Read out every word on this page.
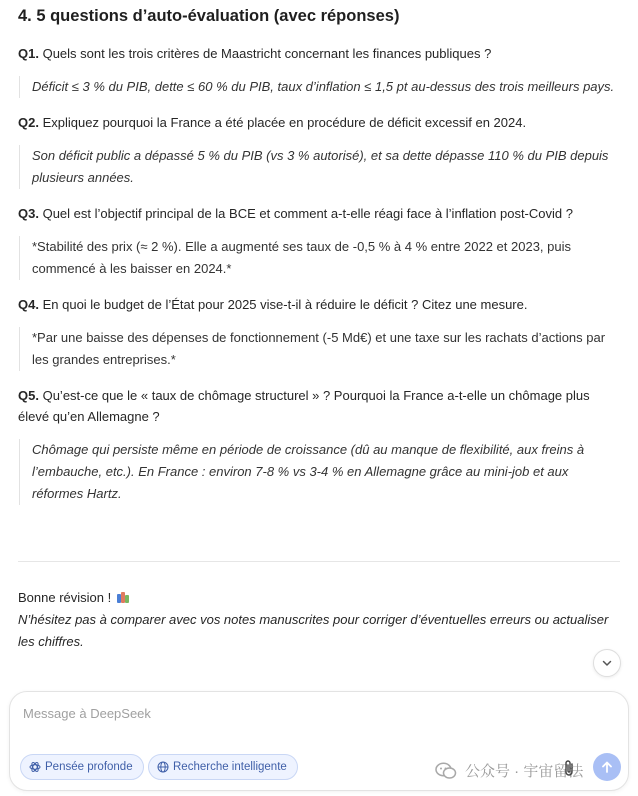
4. 5 questions d’auto-évaluation (avec réponses)

Q1. Quels sont les trois critères de Maastricht concernant les finances publiques ?

Déficit ≤ 3 % du PIB, dette ≤ 60 % du PIB, taux d’inflation ≤ 1,5 pt au-dessus des trois meilleurs pays.

Q2. Expliquez pourquoi la France a été placée en procédure de déficit excessif en 2024.

Son déficit public a dépassé 5 % du PIB (vs 3 % autorisé), et sa dette dépasse 110 % du PIB depuis plusieurs années.

Q3. Quel est l’objectif principal de la BCE et comment a-t-elle réagi face à l’inflation post-Covid ?

*Stabilité des prix (≈ 2 %). Elle a augmenté ses taux de -0,5 % à 4 % entre 2022 et 2023, puis commencé à les baisser en 2024.*

Q4. En quoi le budget de l’État pour 2025 vise-t-il à réduire le déficit ? Citez une mesure.

*Par une baisse des dépenses de fonctionnement (-5 Md€) et une taxe sur les rachats d’actions par les grandes entreprises.*

Q5. Qu’est-ce que le « taux de chômage structurel » ? Pourquoi la France a-t-elle un chômage plus élevé qu’en Allemagne ?

Chômage qui persiste même en période de croissance (dû au manque de flexibilité, aux freins à l’embauche, etc.). En France : environ 7-8 % vs 3-4 % en Allemagne grâce au mini-job et aux réformes Hartz.
Bonne révision !
N’hésitez pas à comparer avec vos notes manuscrites pour corriger d’éventuelles erreurs ou actualiser les chiffres.
Message à DeepSeek
Pensée profonde	Recherche intelligente	公众号 · 宇宙留法
